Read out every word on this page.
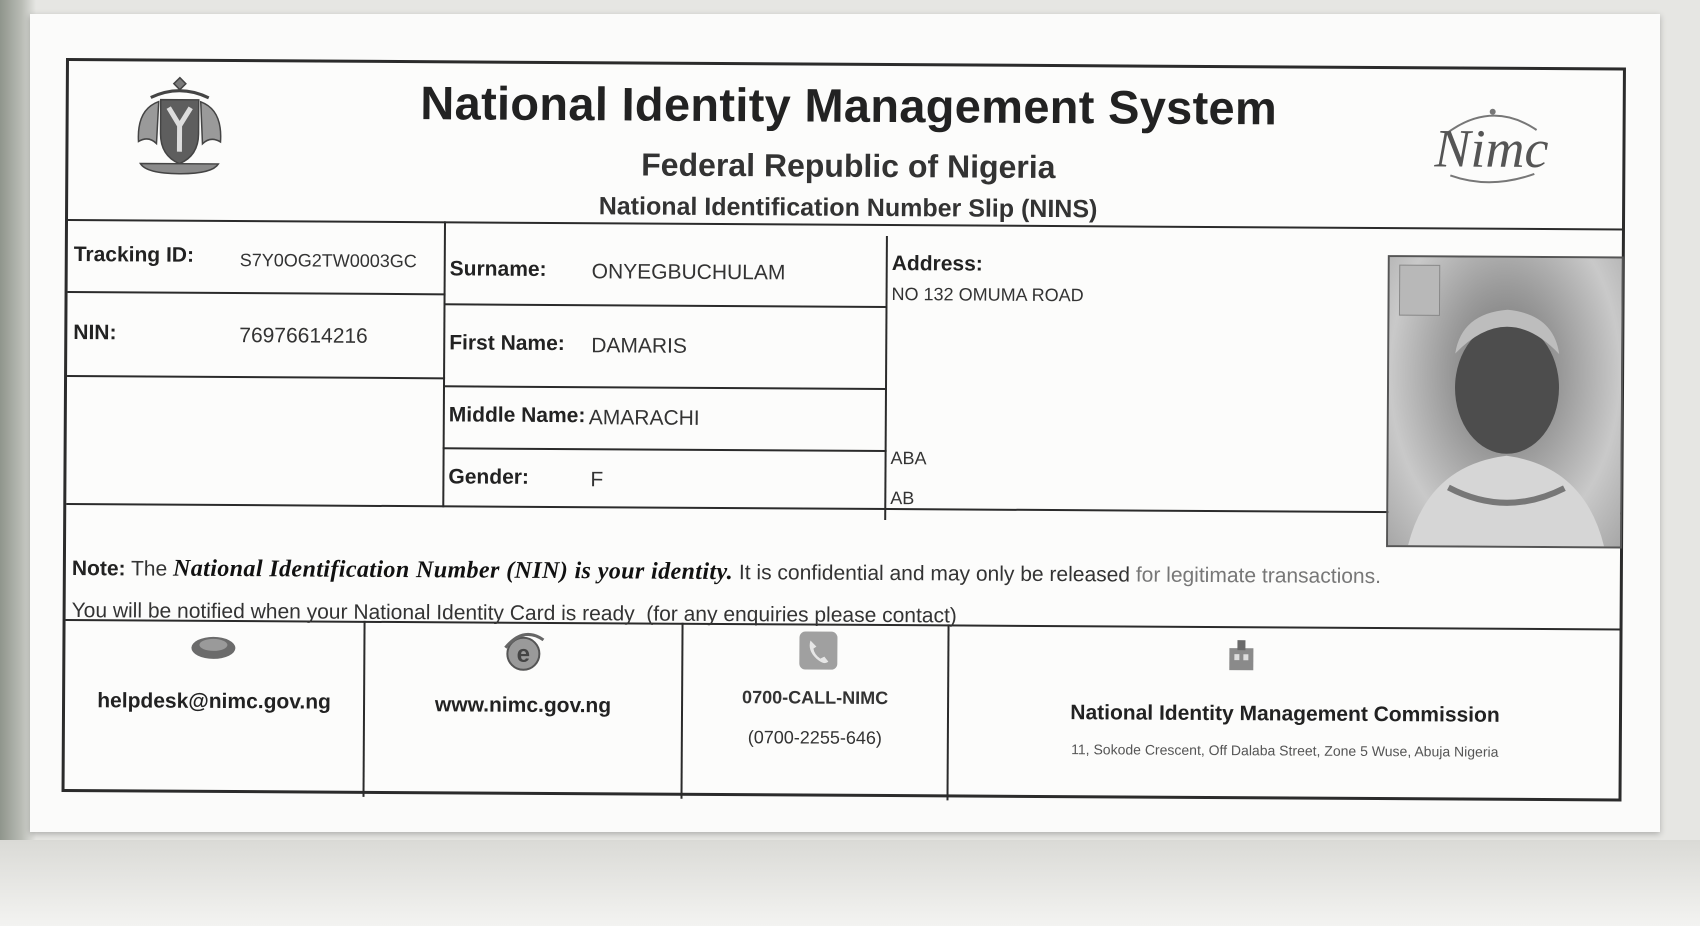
National Identity Management System
Federal Republic of Nigeria
National Identification Number Slip (NINS)
Nimc
Tracking ID:	S7Y0OG2TW0003GC
NIN:	76976614216
Surname: ONYEGBUCHULAM
First Name: DAMARIS
Middle Name: AMARACHI
Gender:	F
Address:
NO 132 OMUMA ROAD
ABA
AB
Note: The National Identification Number (NIN) is your identity. It is confidential and may only be released for legitimate transactions.
You will be notified when your National Identity Card is ready (for any enquiries please contact)
helpdesk@nimc.gov.ng
e
www.nimc.gov.ng	0700-CALL-NIMC
(0700-2255-646)
National Identity Management Commission
11, Sokode Crescent, Off Dalaba Street, Zone 5 Wuse, Abuja Nigeria
